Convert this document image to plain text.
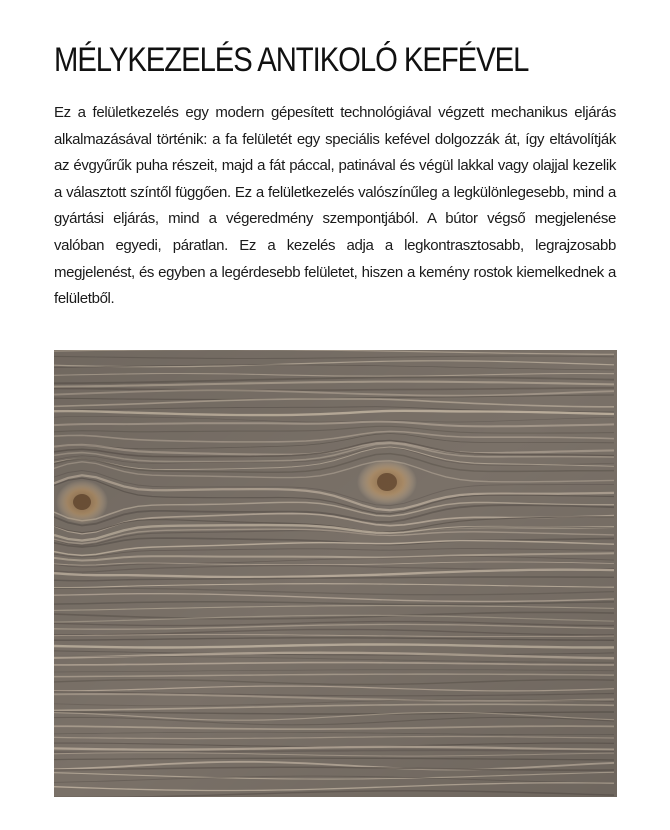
MÉLYKEZELÉS ANTIKOLÓ KEFÉVEL

Ez a felületkezelés egy modern gépesített technológiával végzett mechanikus eljárás alkalmazásával történik: a fa felületét egy speciális kefével dolgozzák át, így eltávolítják az évgyűrűk puha részeit, majd a fát páccal, patinával és végül lakkal vagy olajjal kezelik a választott színtől függően. Ez a felületkezelés valószínűleg a legkülönlegesebb, mind a gyártási eljárás, mind a végeredmény szempontjából. A bútor végső megjelenése valóban egyedi, páratlan. Ez a kezelés adja a legkontrasztosabb, legrajzosabb megjelenést, és egyben a legérdesebb felületet, hiszen a kemény rostok kiemelkednek a felületből.
